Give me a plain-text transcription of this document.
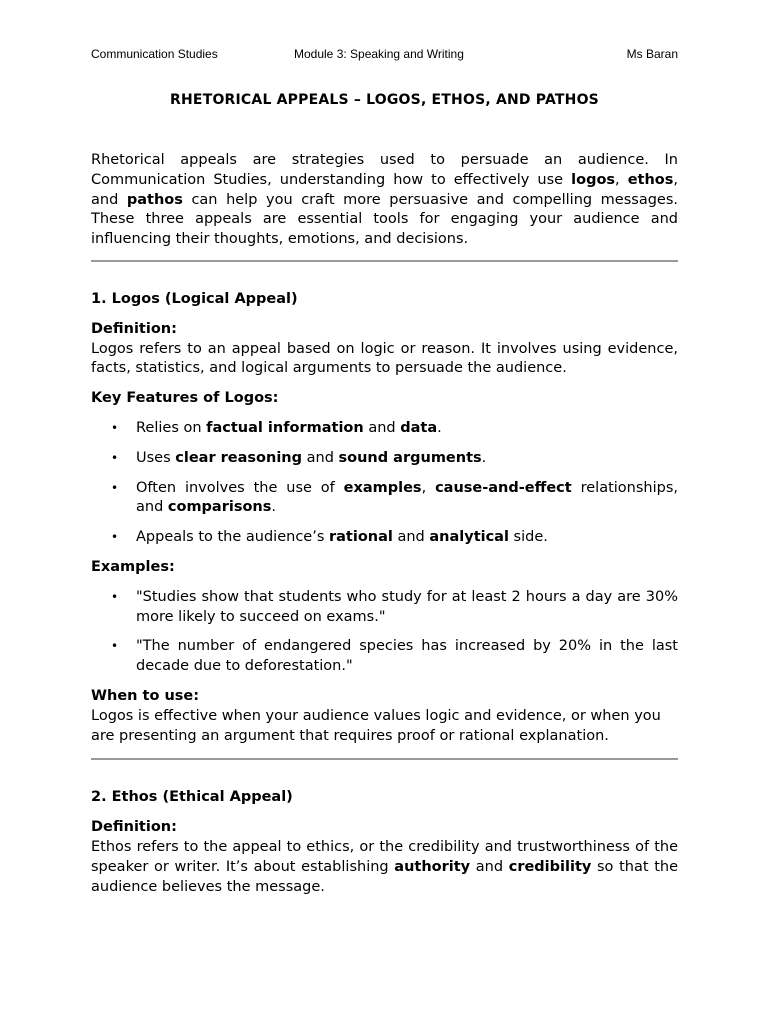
Communication Studies	Module 3: Speaking and Writing	Ms Baran
RHETORICAL APPEALS – LOGOS, ETHOS, AND PATHOS

Rhetorical appeals are strategies used to persuade an audience. In Communication Studies, understanding how to effectively use logos, ethos, and pathos can help you craft more persuasive and compelling messages. These three appeals are essential tools for engaging your audience and influencing their thoughts, emotions, and decisions.

1. Logos (Logical Appeal)

Definition:

Logos refers to an appeal based on logic or reason. It involves using evidence, facts, statistics, and logical arguments to persuade the audience.

Key Features of Logos:

• Relies on factual information and data.
• Uses clear reasoning and sound arguments.
• Often involves the use of examples, cause-and-effect relationships, and comparisons.
• Appeals to the audience’s rational and analytical side.

Examples:

• "Studies show that students who study for at least 2 hours a day are 30% more likely to succeed on exams."
• "The number of endangered species has increased by 20% in the last decade due to deforestation."

When to use:

Logos is effective when your audience values logic and evidence, or when you are presenting an argument that requires proof or rational explanation.

2. Ethos (Ethical Appeal)

Definition:

Ethos refers to the appeal to ethics, or the credibility and trustworthiness of the speaker or writer. It’s about establishing authority and credibility so that the audience believes the message.
